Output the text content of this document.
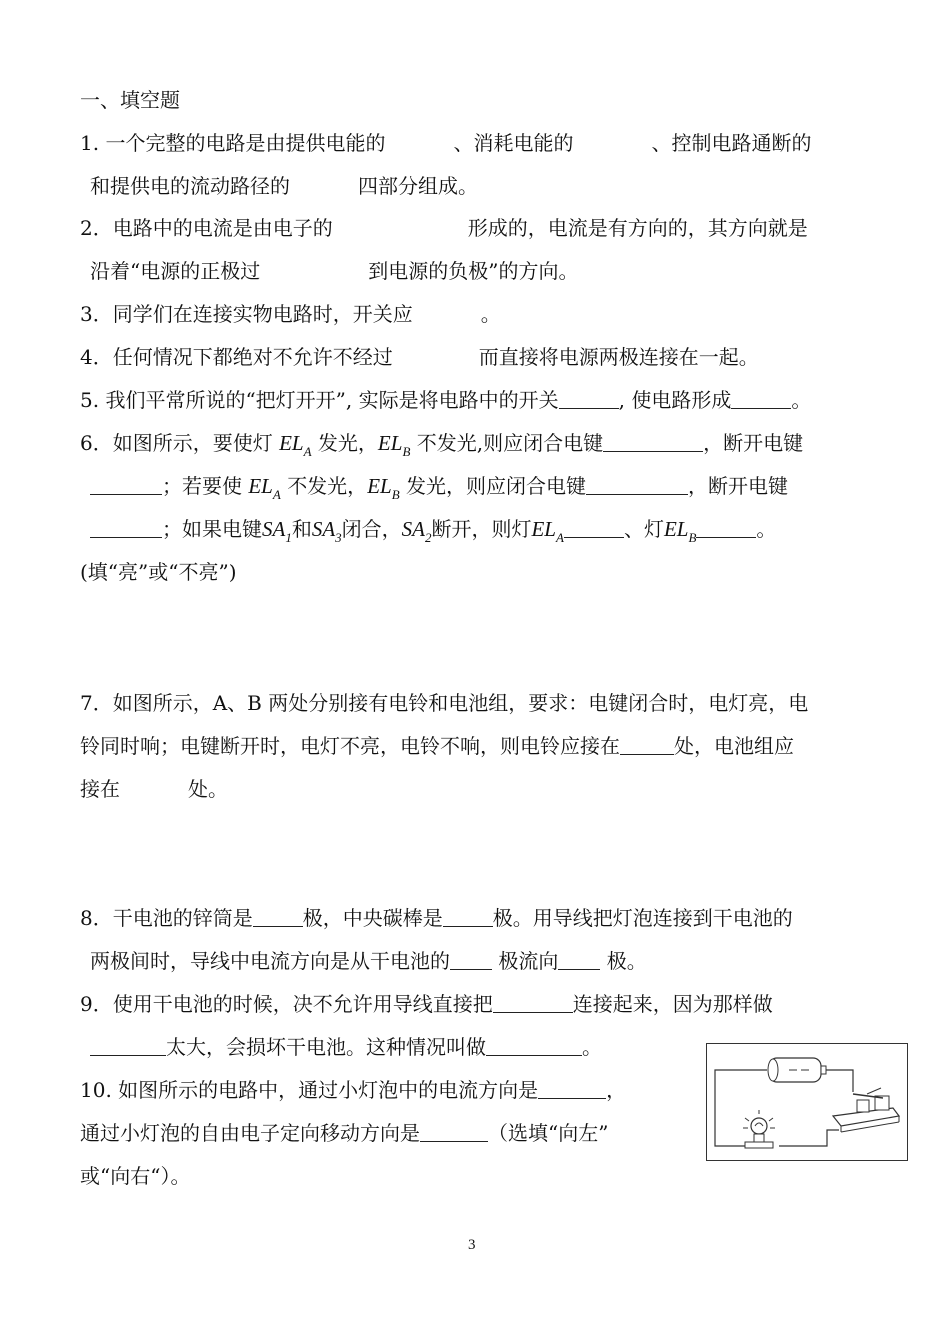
一、填空题
1. 一个完整的电路是由提供电能的	、消耗电能的	、控制电路通断的
和提供电的流动路径的	四部分组成。
2．电路中的电流是由电子的	形成的，电流是有方向的，其方向就是
沿着“电源的正极过	到电源的负极”的方向。
3．同学们在连接实物电路时，开关应	。
4．任何情况下都绝对不允许不经过	而直接将电源两极连接在一起。
5. 我们平常所说的“把灯开开”, 实际是将电路中的开关	, 使电路形成	。
6．如图所示，要使灯 $EL_A$ 发光，$EL_B$ 不发光,则应闭合电键	，断开电键
；若要使 $EL_A$ 不发光，$EL_B$ 发光，则应闭合电键	，断开电键
；如果电键$SA_1$和$SA_3$闭合，$SA_2$断开，则灯$EL_A$	、灯$EL_B$	。
(填“亮”或“不亮”)
7．如图所示，A、B 两处分别接有电铃和电池组，要求：电键闭合时，电灯亮，电
铃同时响；电键断开时，电灯不亮，电铃不响，则电铃应接在	处，电池组应
接在	处。
8．干电池的锌筒是	极，中央碳棒是	极。用导线把灯泡连接到干电池的
两极间时，导线中电流方向是从干电池的 极流向 极。
9．使用干电池的时候，决不允许用导线直接把	连接起来，因为那样做
太大，会损坏干电池。这种情况叫做	。
10. 如图所示的电路中，通过小灯泡中的电流方向是	，
通过小灯泡的自由电子定向移动方向是	（选填“向左”
或“向右“）。
3
